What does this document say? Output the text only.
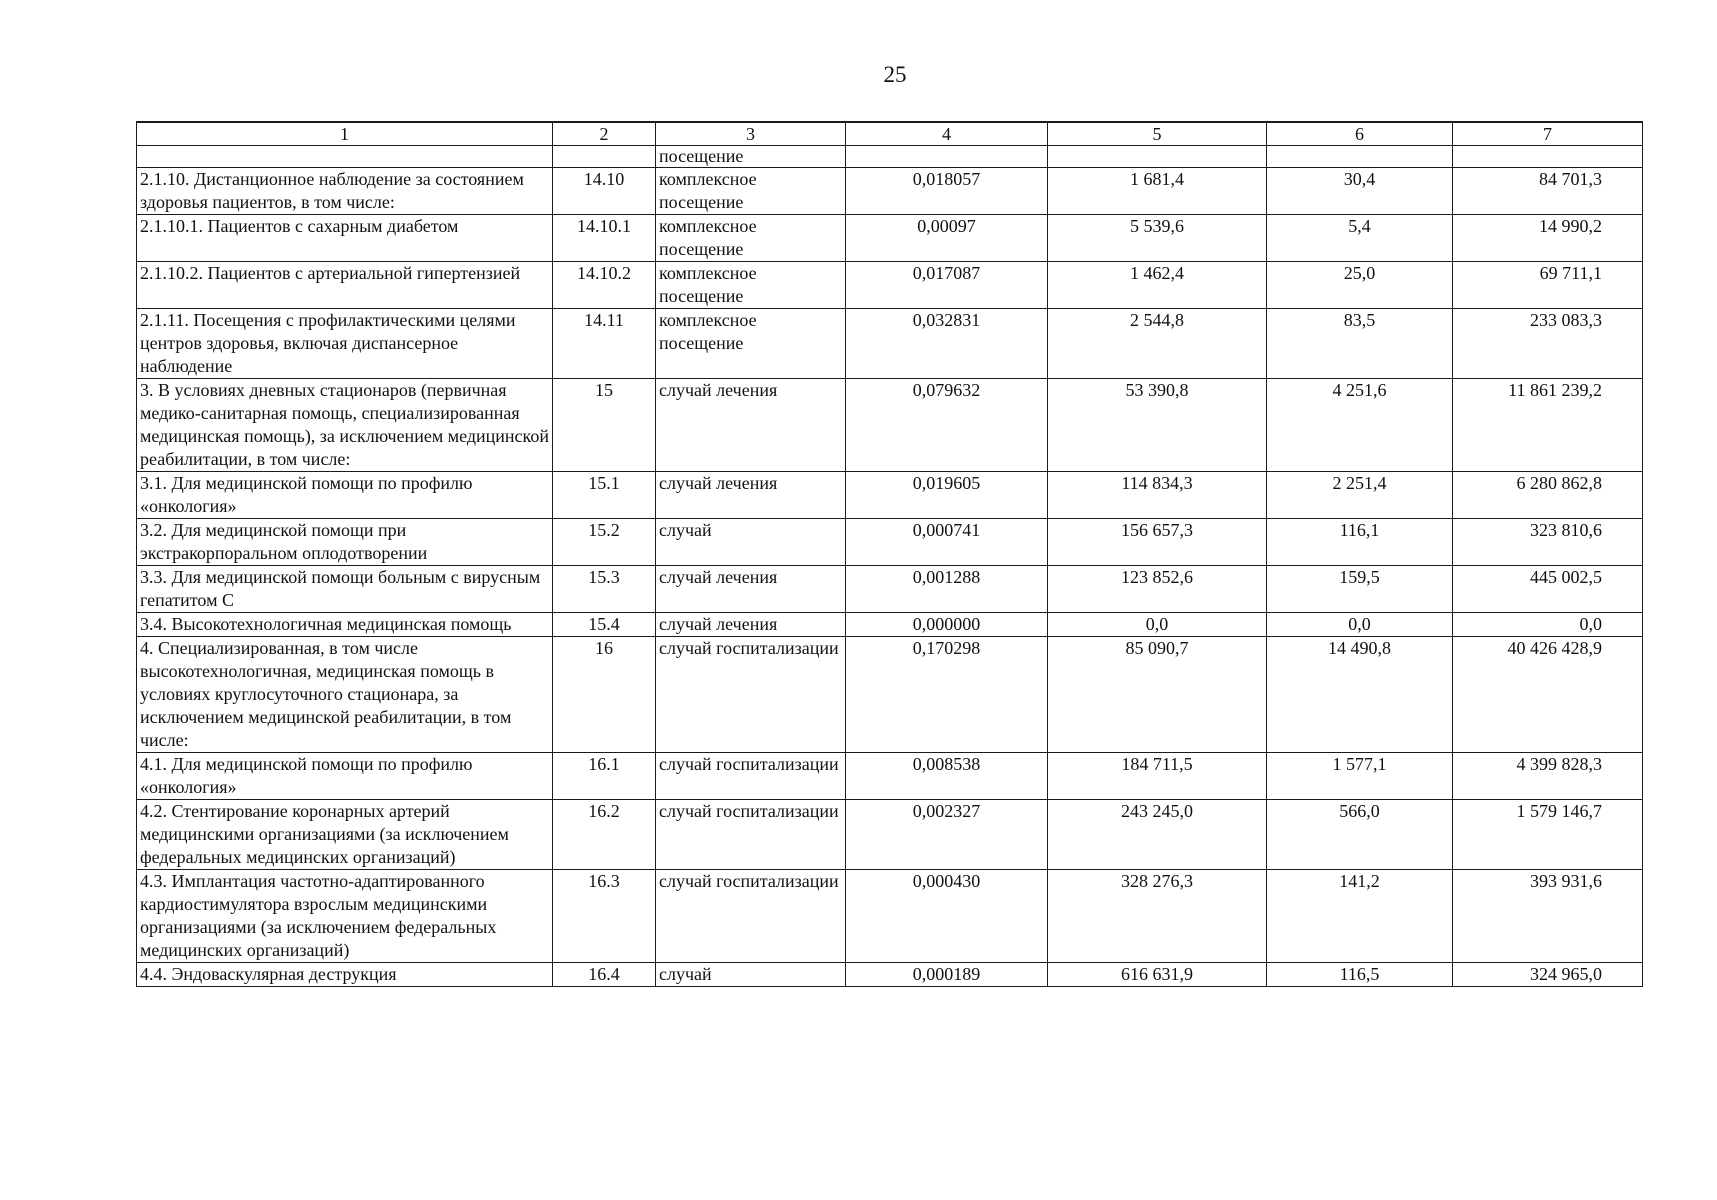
25
1	2	3	4	5	6	7
		посещение				
2.1.10. Дистанционное наблюдение за состоянием здоровья пациентов, в том числе:	14.10	комплексное посещение	0,018057	1 681,4	30,4	84 701,3
2.1.10.1. Пациентов с сахарным диабетом	14.10.1	комплексное посещение	0,00097	5 539,6	5,4	14 990,2
2.1.10.2. Пациентов с артериальной гипертензией	14.10.2	комплексное посещение	0,017087	1 462,4	25,0	69 711,1
2.1.11. Посещения с профилактическими целями центров здоровья, включая диспансерное наблюдение	14.11	комплексное посещение	0,032831	2 544,8	83,5	233 083,3
3. В условиях дневных стационаров (первичная медико-санитарная помощь, специализированная медицинская помощь), за исключением медицинской реабилитации, в том числе:	15	случай лечения	0,079632	53 390,8	4 251,6	11 861 239,2
3.1. Для медицинской помощи по профилю «онкология»	15.1	случай лечения	0,019605	114 834,3	2 251,4	6 280 862,8
3.2. Для медицинской помощи при экстракорпоральном оплодотворении	15.2	случай	0,000741	156 657,3	116,1	323 810,6
3.3. Для медицинской помощи больным с вирусным гепатитом С	15.3	случай лечения	0,001288	123 852,6	159,5	445 002,5
3.4. Высокотехнологичная медицинская помощь	15.4	случай лечения	0,000000	0,0	0,0	0,0
4. Специализированная, в том числе высокотехнологичная, медицинская помощь в условиях круглосуточного стационара, за исключением медицинской реабилитации, в том числе:	16	случай госпитализации	0,170298	85 090,7	14 490,8	40 426 428,9
4.1. Для медицинской помощи по профилю «онкология»	16.1	случай госпитализации	0,008538	184 711,5	1 577,1	4 399 828,3
4.2. Стентирование коронарных артерий медицинскими организациями (за исключением федеральных медицинских организаций)	16.2	случай госпитализации	0,002327	243 245,0	566,0	1 579 146,7
4.3. Имплантация частотно-адаптированного кардиостимулятора взрослым медицинскими организациями (за исключением федеральных медицинских организаций)	16.3	случай госпитализации	0,000430	328 276,3	141,2	393 931,6
4.4. Эндоваскулярная деструкция	16.4	случай	0,000189	616 631,9	116,5	324 965,0
